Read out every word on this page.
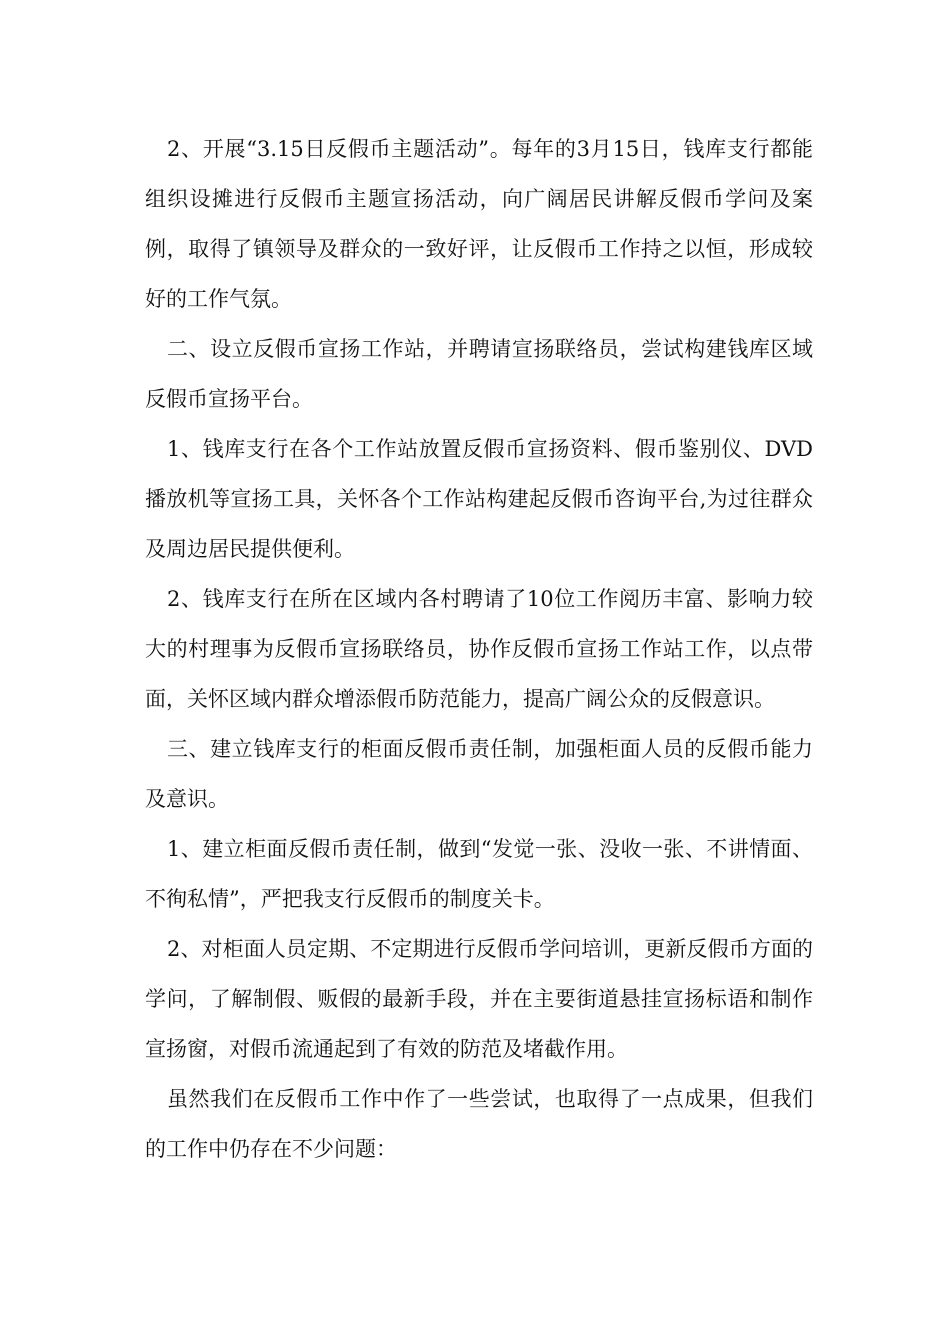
2、开展“3.15日反假币主题活动”。每年的3月15日，钱库支行都能组织设摊进行反假币主题宣扬活动，向广阔居民讲解反假币学问及案例，取得了镇领导及群众的一致好评，让反假币工作持之以恒，形成较好的工作气氛。

二、设立反假币宣扬工作站，并聘请宣扬联络员，尝试构建钱库区域反假币宣扬平台。

1、钱库支行在各个工作站放置反假币宣扬资料、假币鉴别仪、DVD播放机等宣扬工具，关怀各个工作站构建起反假币咨询平台,为过往群众及周边居民提供便利。

2、钱库支行在所在区域内各村聘请了10位工作阅历丰富、影响力较大的村理事为反假币宣扬联络员，协作反假币宣扬工作站工作，以点带面，关怀区域内群众增添假币防范能力，提高广阔公众的反假意识。

三、建立钱库支行的柜面反假币责任制，加强柜面人员的反假币能力及意识。

1、建立柜面反假币责任制，做到“发觉一张、没收一张、不讲情面、不徇私情”，严把我支行反假币的制度关卡。

2、对柜面人员定期、不定期进行反假币学问培训，更新反假币方面的学问，了解制假、贩假的最新手段，并在主要街道悬挂宣扬标语和制作宣扬窗，对假币流通起到了有效的防范及堵截作用。

虽然我们在反假币工作中作了一些尝试，也取得了一点成果，但我们的工作中仍存在不少问题：
